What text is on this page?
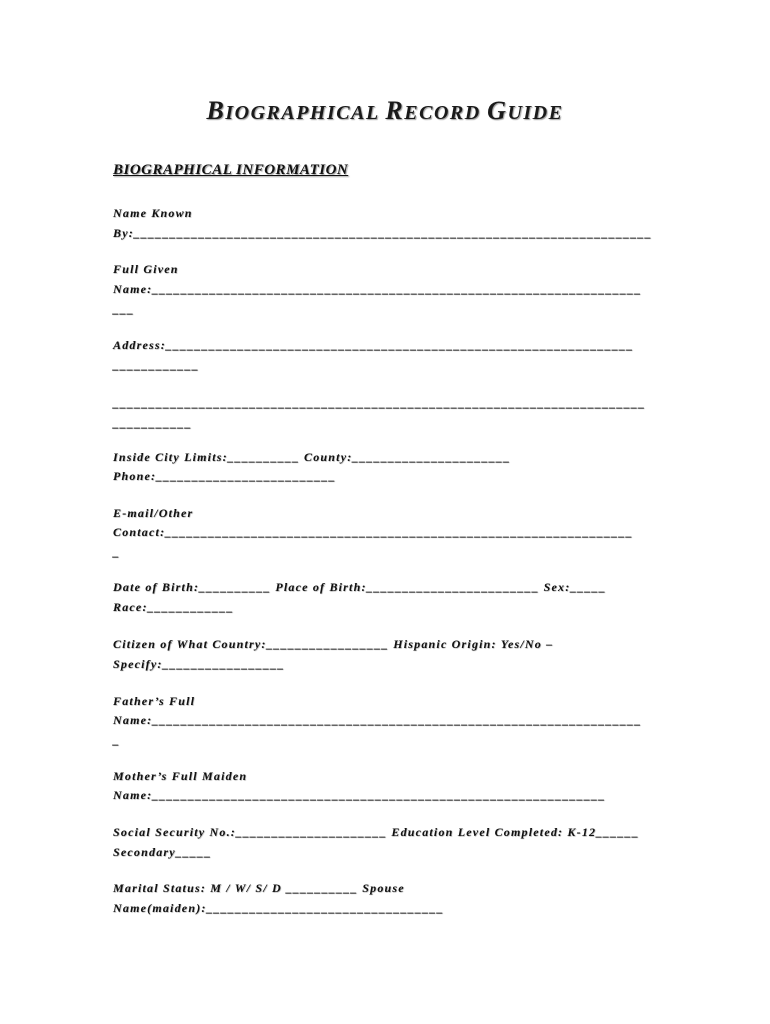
BIOGRAPHICAL RECORD GUIDE
BIOGRAPHICAL INFORMATION
Name Known
By:________________________________________________________________________
Full Given
Name:____________________________________________________________________
___
Address:_________________________________________________________________
____________
__________________________________________________________________________
___________
Inside City Limits:__________ County:______________________
Phone:_________________________
E-mail/Other
Contact:_________________________________________________________________
_
Date of Birth:__________ Place of Birth:________________________ Sex:_____
Race:____________
Citizen of What Country:_________________ Hispanic Origin: Yes/No –
Specify:_________________
Father’s Full
Name:____________________________________________________________________
_
Mother’s Full Maiden
Name:_______________________________________________________________
Social Security No.:_____________________ Education Level Completed: K-12______
Secondary_____
Marital Status: M / W/ S/ D __________ Spouse
Name(maiden):_________________________________
